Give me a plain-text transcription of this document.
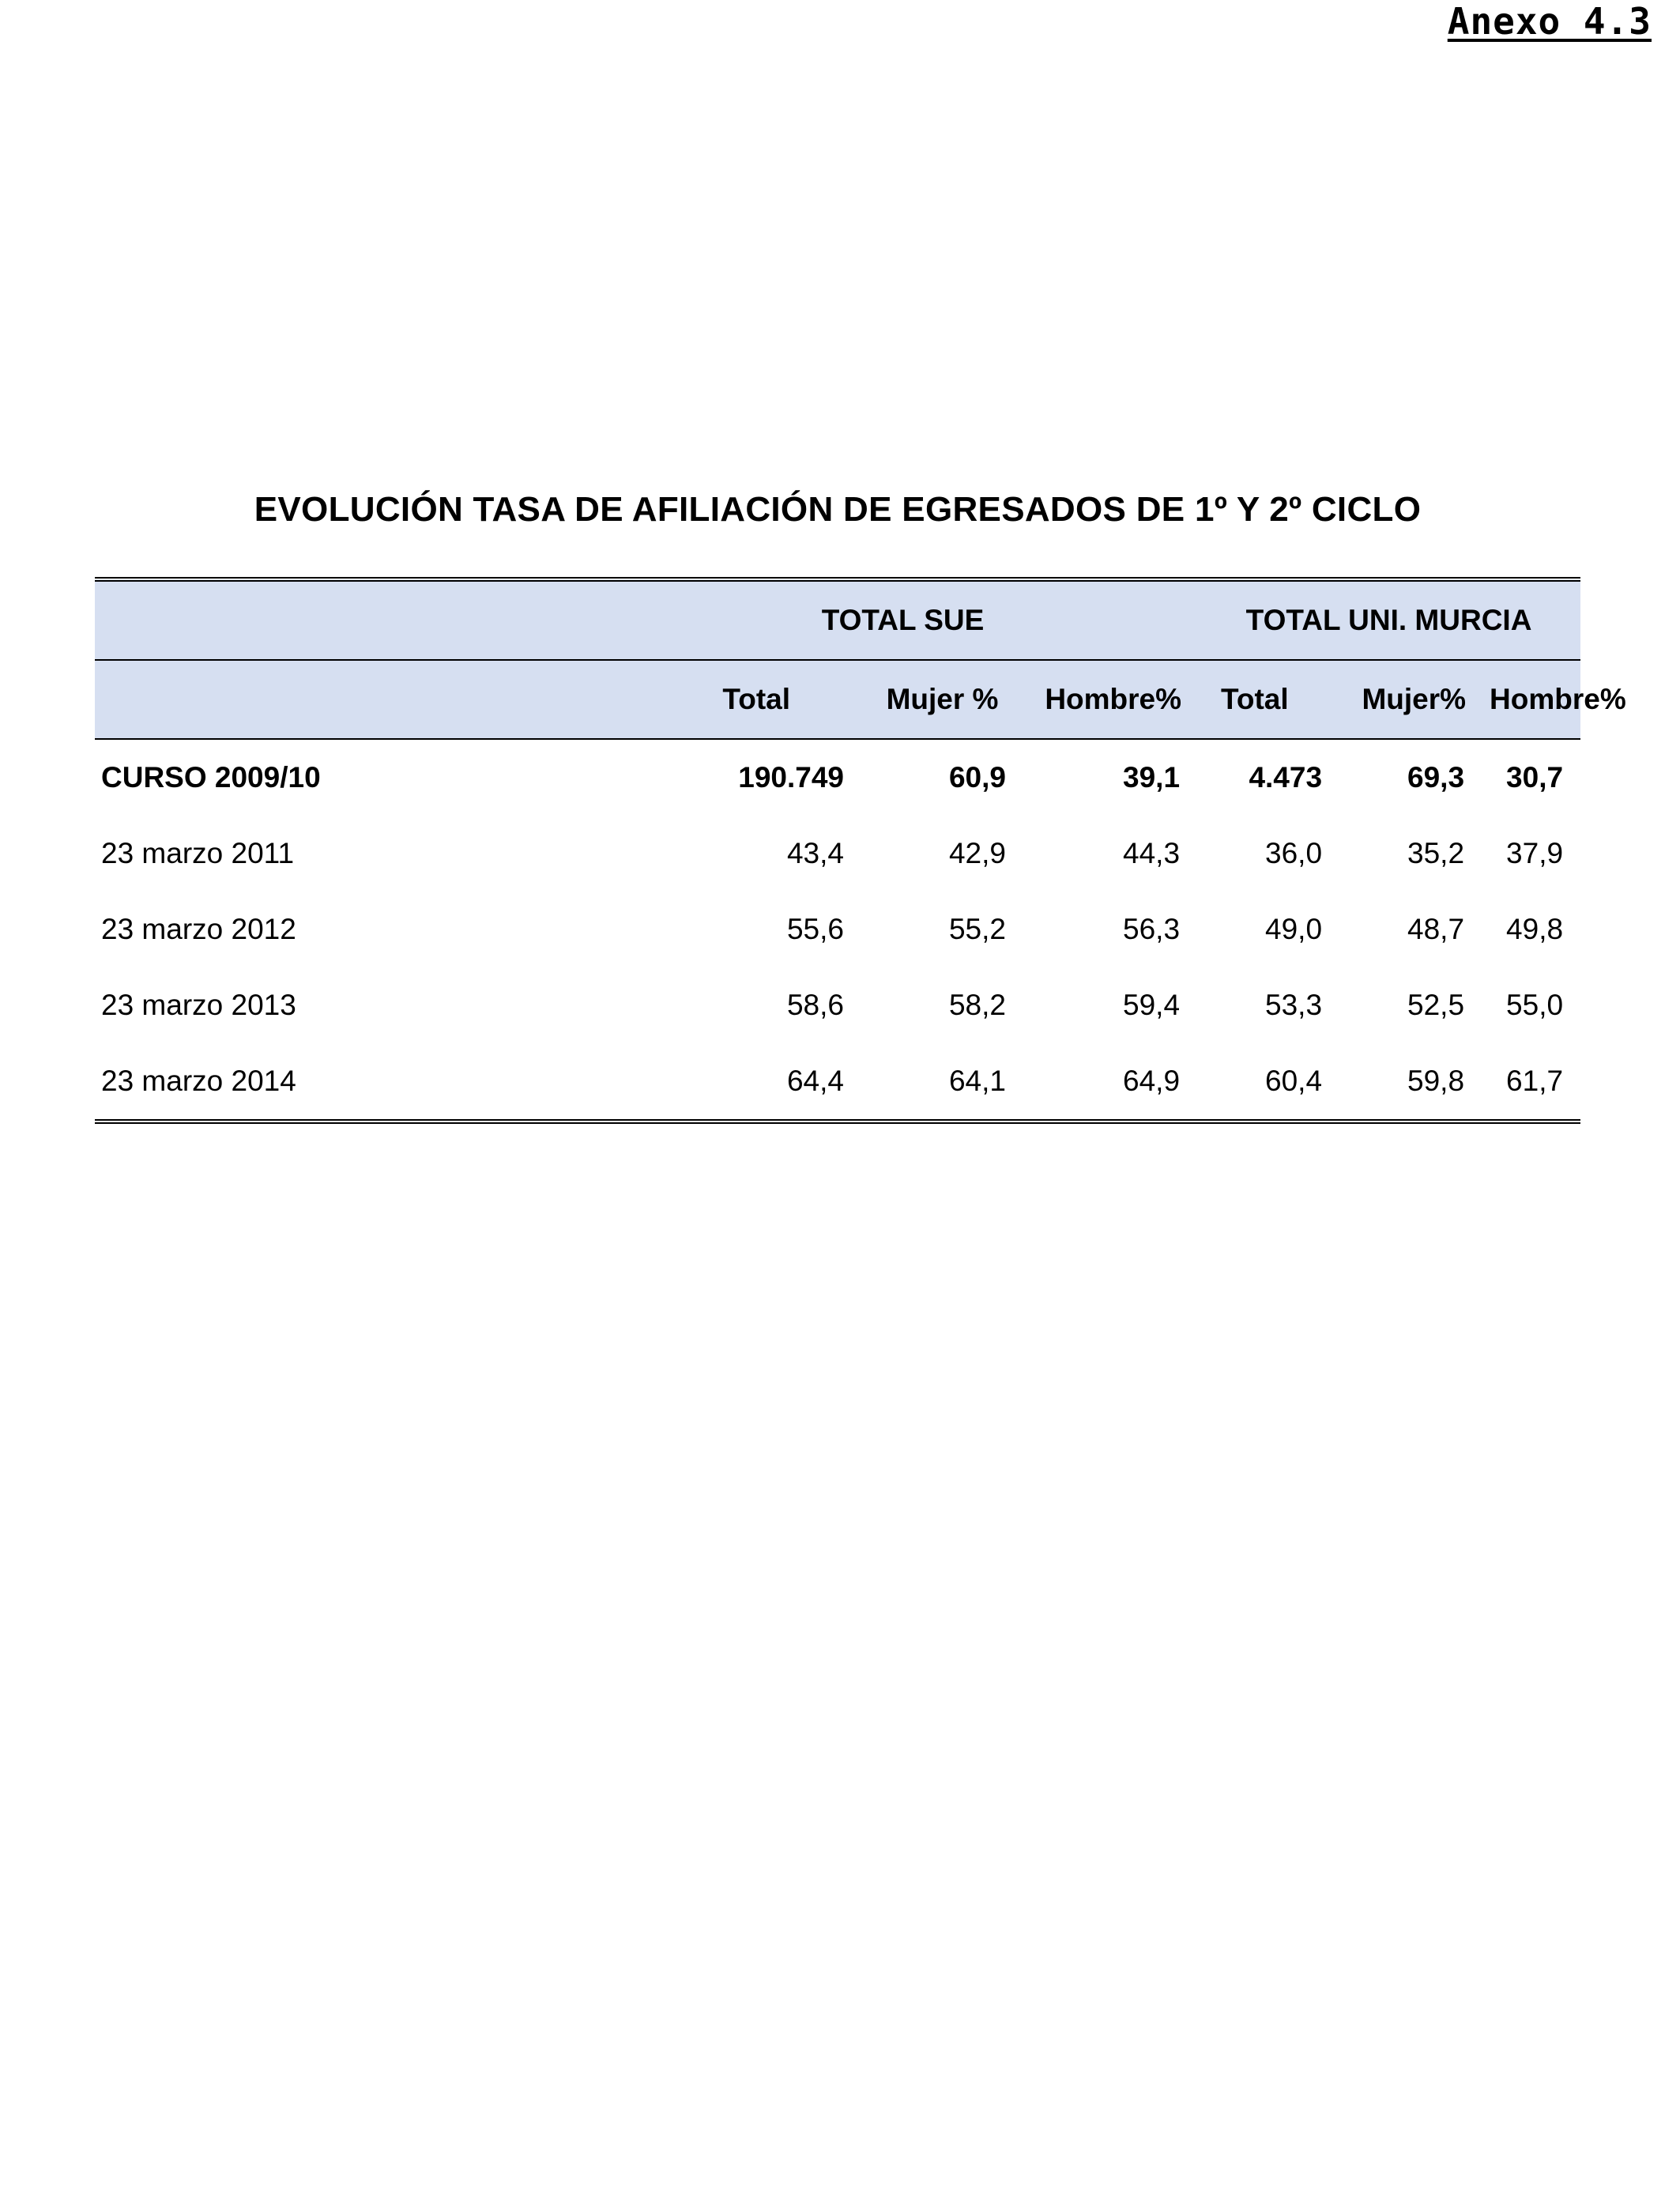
Anexo 4.3
EVOLUCIÓN TASA DE AFILIACIÓN DE EGRESADOS DE 1º Y 2º CICLO
	TOTAL SUE			TOTAL UNI. MURCIA		
	Total	Mujer %	Hombre%	Total	Mujer%	Hombre%
CURSO 2009/10	190.749	60,9	39,1	4.473	69,3	30,7
23 marzo 2011	43,4	42,9	44,3	36,0	35,2	37,9
23 marzo 2012	55,6	55,2	56,3	49,0	48,7	49,8
23 marzo 2013	58,6	58,2	59,4	53,3	52,5	55,0
23 marzo 2014	64,4	64,1	64,9	60,4	59,8	61,7
